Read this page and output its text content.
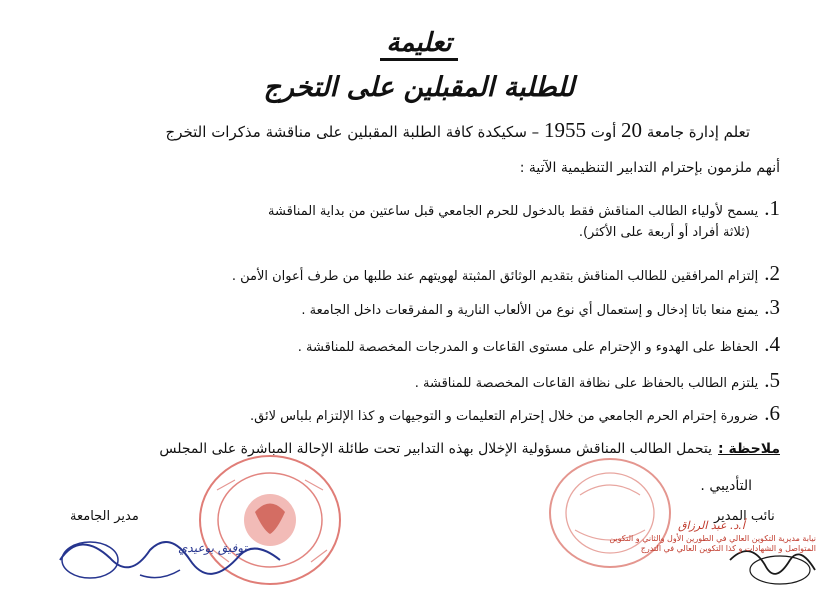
تعليمة
للطلبة المقبلين على التخرج
تعلم إدارة جامعة 20 أوت 1955 – سكيكدة كافة الطلبة المقبلين على مناقشة مذكرات التخرج
أنهم ملزمون بإحترام التدابير التنظيمية الآتية :
1.يسمح لأولياء الطالب المناقش فقط بالدخول للحرم الجامعي قبل ساعتين من بداية المناقشة
(ثلاثة أفراد أو أربعة على الأكثر).
2.إلتزام المرافقين للطالب المناقش بتقديم الوثائق المثبتة لهويتهم عند طلبها من طرف أعوان الأمن .
3.يمنع منعا باتا إدخال و إستعمال أي نوع من الألعاب النارية و المفرقعات داخل الجامعة .
4.الحفاظ على الهدوء و الإحترام على مستوى القاعات و المدرجات المخصصة للمناقشة .
5.يلتزم الطالب بالحفاظ على نظافة القاعات المخصصة للمناقشة .
6.ضرورة إحترام الحرم الجامعي من خلال إحترام التعليمات و التوجيهات و كذا الإلتزام بلباس لائق.
ملاحظة :يتحمل الطالب المناقش مسؤولية الإخلال بهذه التدابير تحت طائلة الإحالة المباشرة على المجلس
التأديبي .
نائب المدير
مدير الجامعة
أ.د. عبد الرزاق
نيابة مديرية التكوين العالي في الطورين الأول والثاني و التكوين المتواصل و الشهادات و كذا التكوين العالي في التدرج
توفيق بوعيدي
